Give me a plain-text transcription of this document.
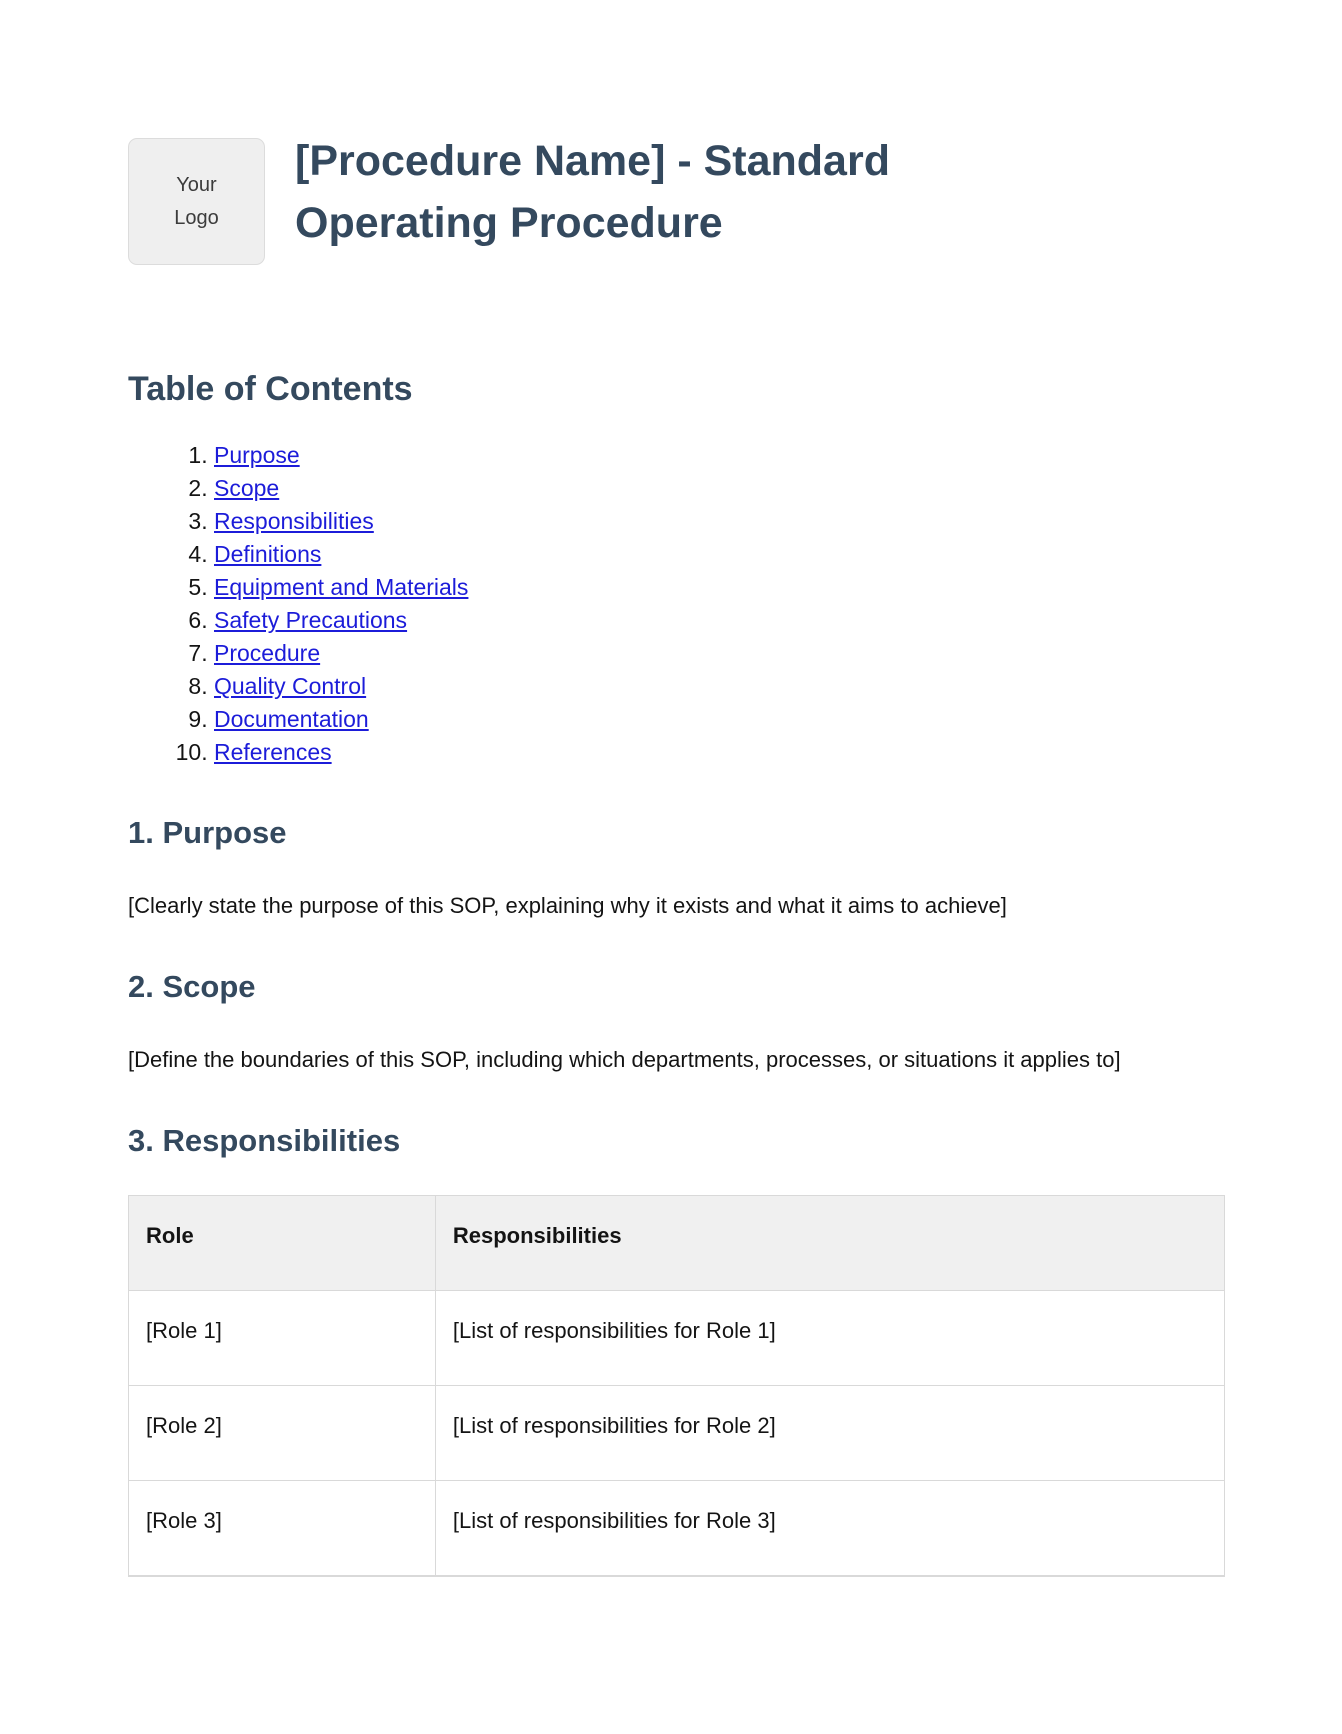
Your
Logo
[Procedure Name] - Standard Operating Procedure
Table of Contents
1. Purpose
2. Scope
3. Responsibilities
4. Definitions
5. Equipment and Materials
6. Safety Precautions
7. Procedure
8. Quality Control
9. Documentation
10. References
1. Purpose

[Clearly state the purpose of this SOP, explaining why it exists and what it aims to achieve]

2. Scope

[Define the boundaries of this SOP, including which departments, processes, or situations it applies to]

3. Responsibilities
Role	Responsibilities
[Role 1]	[List of responsibilities for Role 1]
[Role 2]	[List of responsibilities for Role 2]
[Role 3]	[List of responsibilities for Role 3]
